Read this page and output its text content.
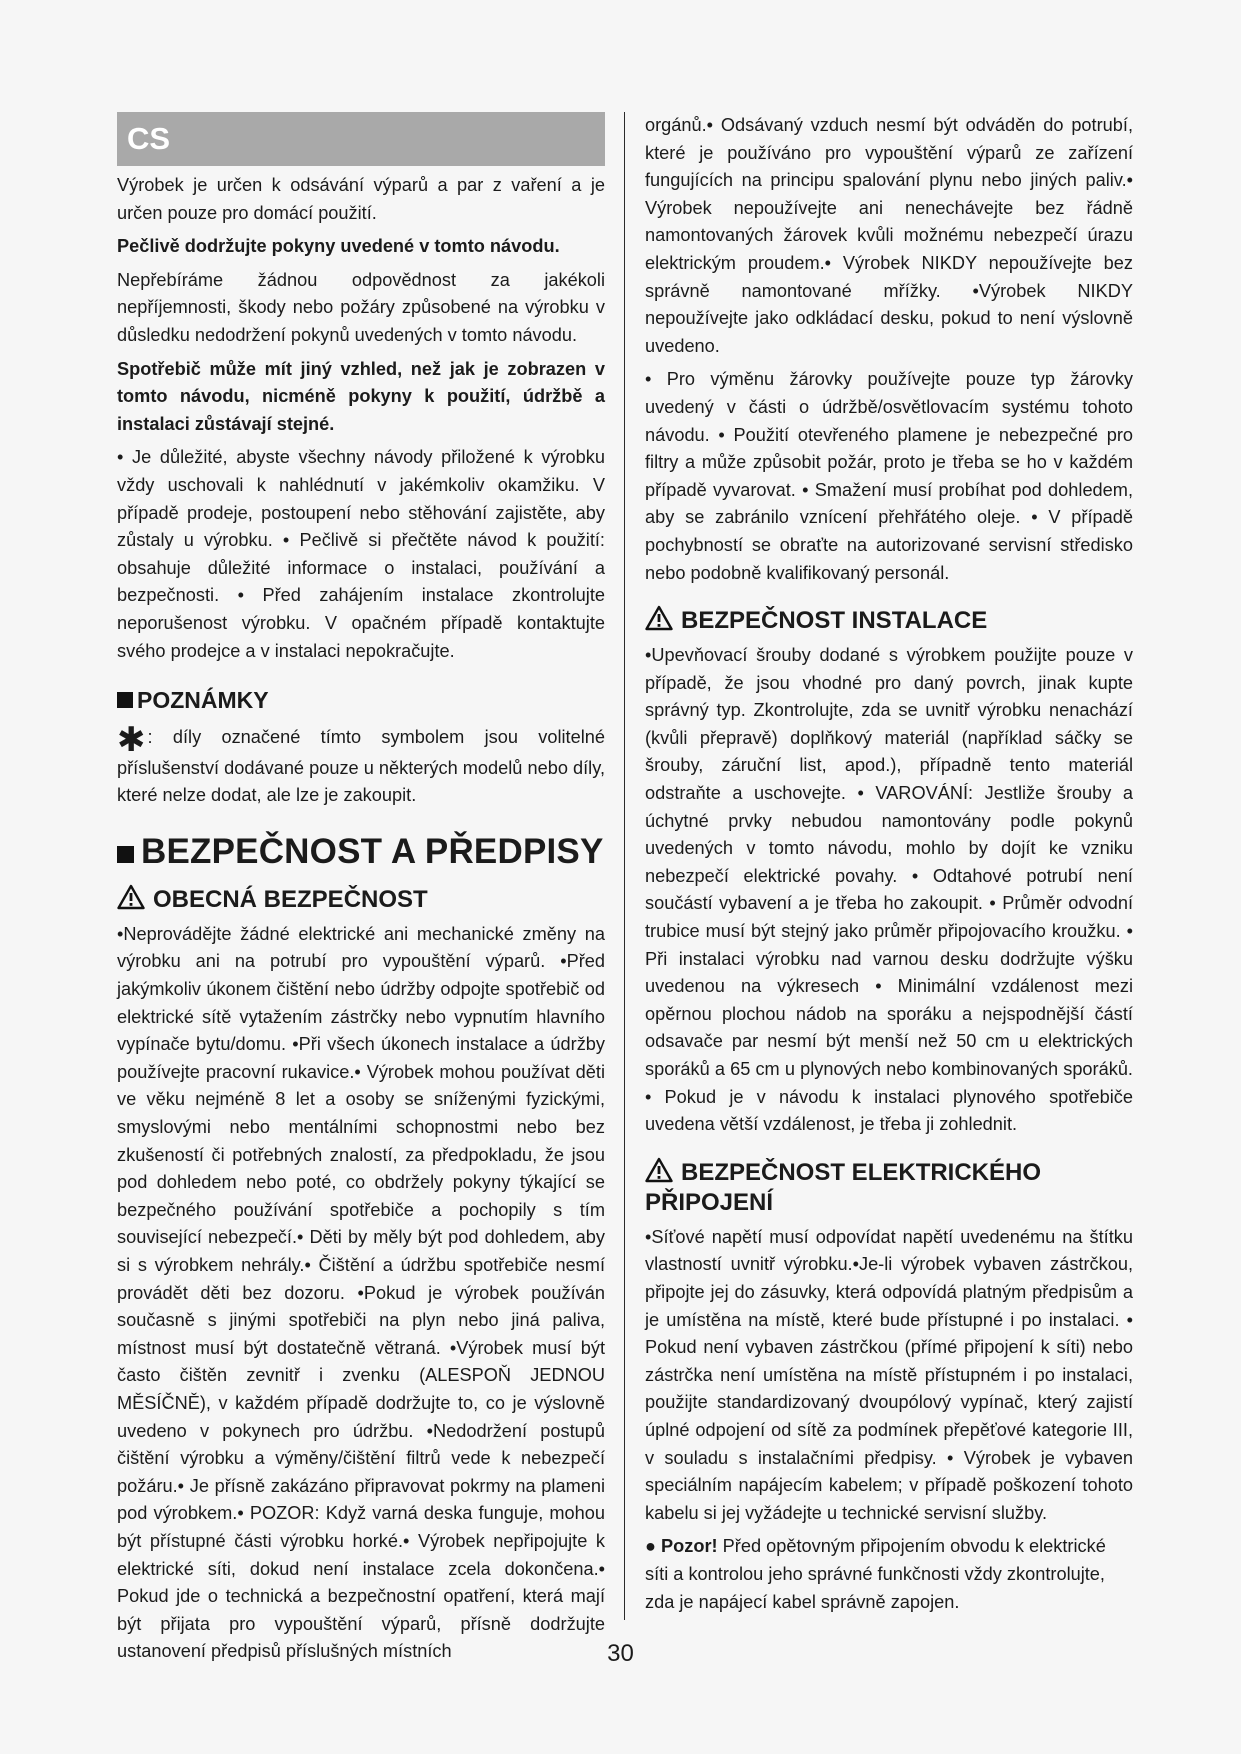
CS

Výrobek je určen k odsávání výparů a par z vaření a je určen pouze pro domácí použití.

Pečlivě dodržujte pokyny uvedené v tomto návodu.

Nepřebíráme žádnou odpovědnost za jakékoli nepříjemnosti, škody nebo požáry způsobené na výrobku v důsledku nedodržení pokynů uvedených v tomto návodu.

Spotřebič může mít jiný vzhled, než jak je zobrazen v tomto návodu, nicméně pokyny k použití, údržbě a instalaci zůstávají stejné.

• Je důležité, abyste všechny návody přiložené k výrobku vždy uschovali k nahlédnutí v jakémkoliv okamžiku. V případě prodeje, postoupení nebo stěhování zajistěte, aby zůstaly u výrobku. • Pečlivě si přečtěte návod k použití: obsahuje důležité informace o instalaci, používání a bezpečnosti. • Před zahájením instalace zkontrolujte neporušenost výrobku. V opačném případě kontaktujte svého prodejce a v instalaci nepokračujte.

POZNÁMKY

✱ : díly označené tímto symbolem jsou volitelné příslušenství dodávané pouze u některých modelů nebo díly, které nelze dodat, ale lze je zakoupit.

BEZPEČNOST A PŘEDPISY
OBECNÁ BEZPEČNOST

•Neprovádějte žádné elektrické ani mechanické změny na výrobku ani na potrubí pro vypouštění výparů. •Před jakýmkoliv úkonem čištění nebo údržby odpojte spotřebič od elektrické sítě vytažením zástrčky nebo vypnutím hlavního vypínače bytu/domu. •Při všech úkonech instalace a údržby používejte pracovní rukavice.• Výrobek mohou používat děti ve věku nejméně 8 let a osoby se sníženými fyzickými, smyslovými nebo mentálními schopnostmi nebo bez zkušeností či potřebných znalostí, za předpokladu, že jsou pod dohledem nebo poté, co obdržely pokyny týkající se bezpečného používání spotřebiče a pochopily s tím související nebezpečí.• Děti by měly být pod dohledem, aby si s výrobkem nehrály.• Čištění a údržbu spotřebiče nesmí provádět děti bez dozoru. •Pokud je výrobek používán současně s jinými spotřebiči na plyn nebo jiná paliva, místnost musí být dostatečně větraná. •Výrobek musí být často čištěn zevnitř i zvenku (ALESPOŇ JEDNOU MĚSÍČNĚ), v každém případě dodržujte to, co je výslovně uvedeno v pokynech pro údržbu. •Nedodržení postupů čištění výrobku a výměny/čištění filtrů vede k nebezpečí požáru.• Je přísně zakázáno připravovat pokrmy na plameni pod výrobkem.• POZOR: Když varná deska funguje, mohou být přístupné části výrobku horké.• Výrobek nepřipojujte k elektrické síti, dokud není instalace zcela dokončena.• Pokud jde o technická a bezpečnostní opatření, která mají být přijata pro vypouštění výparů, přísně dodržujte ustanovení předpisů příslušných místních

orgánů.• Odsávaný vzduch nesmí být odváděn do potrubí, které je používáno pro vypouštění výparů ze zařízení fungujících na principu spalování plynu nebo jiných paliv.• Výrobek nepoužívejte ani nenechávejte bez řádně namontovaných žárovek kvůli možnému nebezpečí úrazu elektrickým proudem.• Výrobek NIKDY nepoužívejte bez správně namontované mřížky. •Výrobek NIKDY nepoužívejte jako odkládací desku, pokud to není výslovně uvedeno.

• Pro výměnu žárovky používejte pouze typ žárovky uvedený v části o údržbě/osvětlovacím systému tohoto návodu. • Použití otevřeného plamene je nebezpečné pro filtry a může způsobit požár, proto je třeba se ho v každém případě vyvarovat. • Smažení musí probíhat pod dohledem, aby se zabránilo vznícení přehřátého oleje. • V případě pochybností se obraťte na autorizované servisní středisko nebo podobně kvalifikovaný personál.

BEZPEČNOST INSTALACE

•Upevňovací šrouby dodané s výrobkem použijte pouze v případě, že jsou vhodné pro daný povrch, jinak kupte správný typ. Zkontrolujte, zda se uvnitř výrobku nenachází (kvůli přepravě) doplňkový materiál (například sáčky se šrouby, záruční list, apod.), případně tento materiál odstraňte a uschovejte. • VAROVÁNÍ: Jestliže šrouby a úchytné prvky nebudou namontovány podle pokynů uvedených v tomto návodu, mohlo by dojít ke vzniku nebezpečí elektrické povahy. • Odtahové potrubí není součástí vybavení a je třeba ho zakoupit. • Průměr odvodní trubice musí být stejný jako průměr připojovacího kroužku. • Při instalaci výrobku nad varnou desku dodržujte výšku uvedenou na výkresech • Minimální vzdálenost mezi opěrnou plochou nádob na sporáku a nejspodnější částí odsavače par nesmí být menší než 50 cm u elektrických sporáků a 65 cm u plynových nebo kombinovaných sporáků. • Pokud je v návodu k instalaci plynového spotřebiče uvedena větší vzdálenost, je třeba ji zohlednit.

BEZPEČNOST ELEKTRICKÉHO PŘIPOJENÍ

•Síťové napětí musí odpovídat napětí uvedenému na štítku vlastností uvnitř výrobku.•Je-li výrobek vybaven zástrčkou, připojte jej do zásuvky, která odpovídá platným předpisům a je umístěna na místě, které bude přístupné i po instalaci. • Pokud není vybaven zástrčkou (přímé připojení k síti) nebo zástrčka není umístěna na místě přístupném i po instalaci, použijte standardizovaný dvoupólový vypínač, který zajistí úplné odpojení od sítě za podmínek přepěťové kategorie III, v souladu s instalačními předpisy. • Výrobek je vybaven speciálním napájecím kabelem; v případě poškození tohoto kabelu si jej vyžádejte u technické servisní služby.

● Pozor! Před opětovným připojením obvodu k elektrické síti a kontrolou jeho správné funkčnosti vždy zkontrolujte, zda je napájecí kabel správně zapojen.

30
